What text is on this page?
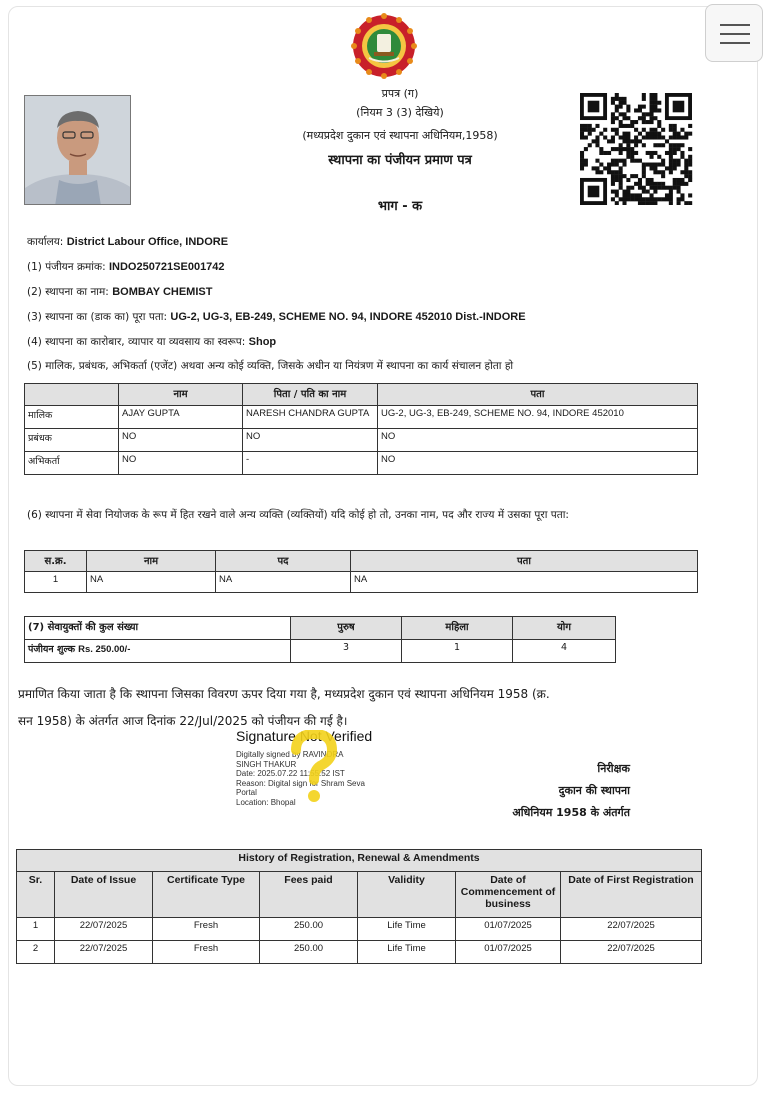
प्रपत्र (ग)
(नियम 3 (3) देखिये)
(मध्यप्रदेश दुकान एवं स्थापना अधिनियम,1958)
स्थापना का पंजीयन प्रमाण पत्र
भाग - क
कार्यालय: District Labour Office, INDORE
(1) पंजीयन क्रमांक: INDO250721SE001742
(2) स्थापना का नाम: BOMBAY CHEMIST
(3) स्थापना का (डाक का) पूरा पता: UG-2, UG-3, EB-249, SCHEME NO. 94, INDORE 452010 Dist.-INDORE
(4) स्थापना का कारोबार, व्यापार या व्यवसाय का स्वरूप: Shop
(5) मालिक, प्रबंधक, अभिकर्ता (एजेंट) अथवा अन्य कोई व्यक्ति, जिसके अधीन या नियंत्रण में स्थापना का कार्य संचालन होता हो
	नाम	पिता / पति का नाम	पता
मालिक	AJAY GUPTA	NARESH CHANDRA GUPTA	UG-2, UG-3, EB-249, SCHEME NO. 94, INDORE 452010
प्रबंधक	NO	NO	NO
अभिकर्ता	NO	-	NO
(6) स्थापना में सेवा नियोजक के रूप में हित रखने वाले अन्य व्यक्ति (व्यक्तियों) यदि कोई हो तो, उनका नाम, पद और राज्य में उसका पूरा पता:
स.क्र.	नाम	पद	पता
1	NA	NA	NA
(7) सेवायुक्तों की कुल संख्या	पुरुष	महिला	योग
पंजीयन शुल्क Rs. 250.00/-	3	1	4
प्रमाणित किया जाता है कि स्थापना जिसका विवरण ऊपर दिया गया है, मध्यप्रदेश दुकान एवं स्थापना अधिनियम 1958 (क्र.
सन 1958) के अंतर्गत आज दिनांक 22/Jul/2025 को पंजीयन की गई है।
Signature Not Verified
Digitally signed by RAVINDRA
SINGH THAKUR
Date: 2025.07.22 11:55:52 IST
Reason: Digital sign for Shram Seva
Portal
Location: Bhopal
निरीक्षक
दुकान की स्थापना
अधिनियम 1958 के अंतर्गत
History of Registration, Renewal & Amendments						
Sr.	Date of Issue	Certificate Type	Fees paid	Validity	Date of Commencement of business	Date of First Registration
1	22/07/2025	Fresh	250.00	Life Time	01/07/2025	22/07/2025
2	22/07/2025	Fresh	250.00	Life Time	01/07/2025	22/07/2025
